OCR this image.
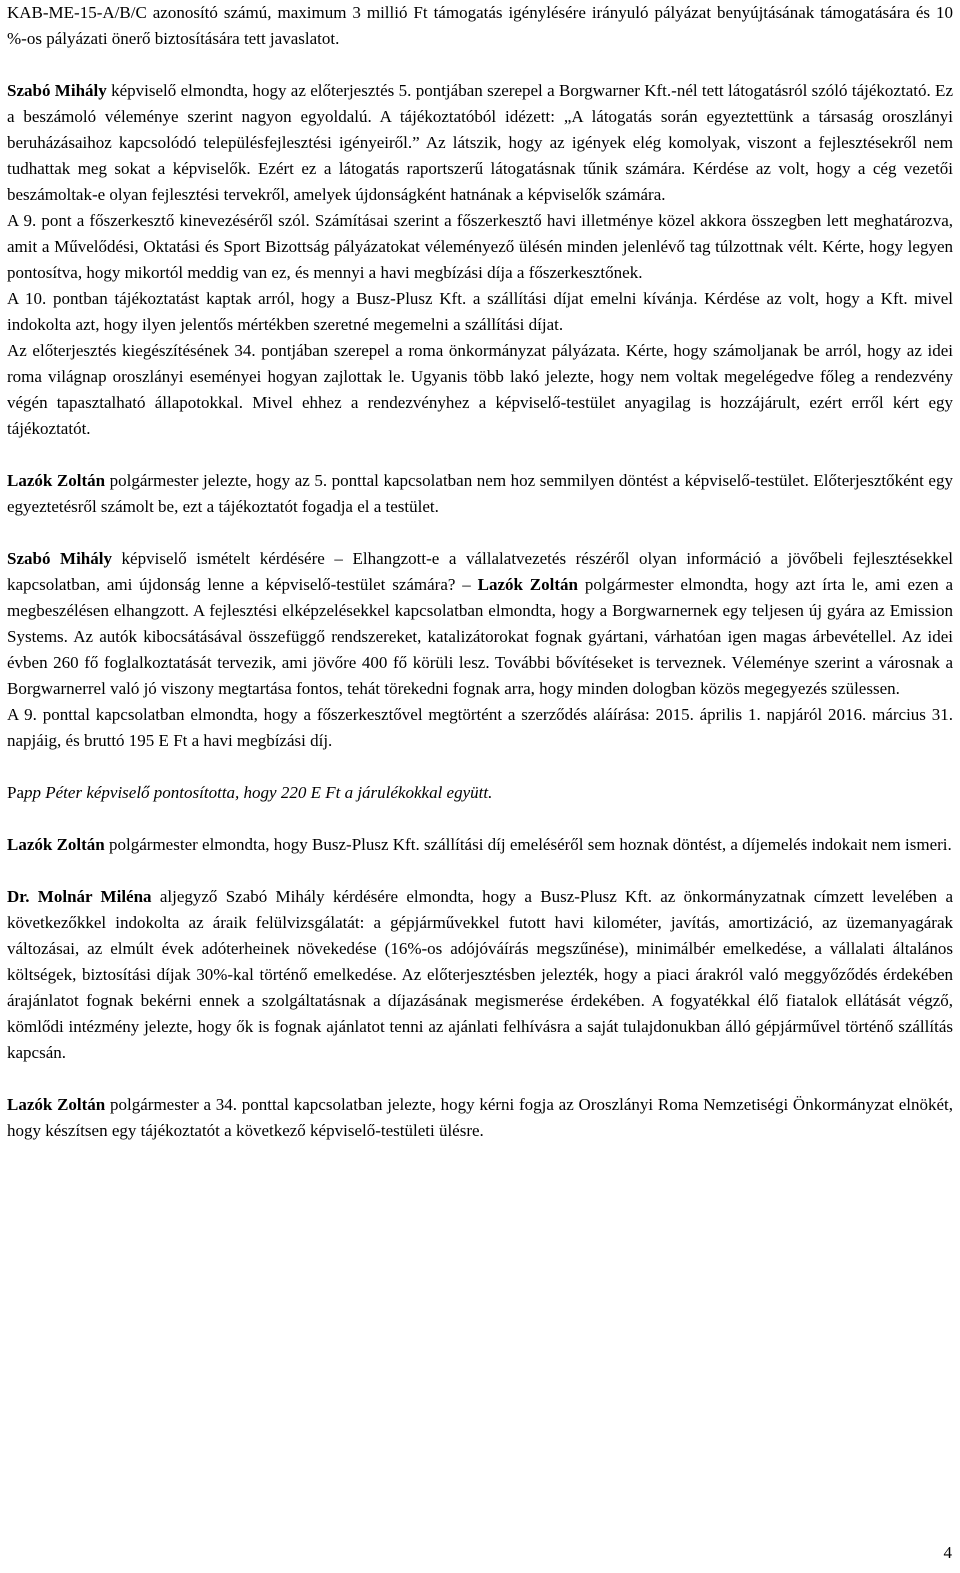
KAB-ME-15-A/B/C azonosító számú, maximum 3 millió Ft támogatás igénylésére irányuló pályázat benyújtásának támogatására és 10 %-os pályázati önerő biztosítására tett javaslatot.

Szabó Mihály képviselő elmondta, hogy az előterjesztés 5. pontjában szerepel a Borgwarner Kft.-nél tett látogatásról szóló tájékoztató. Ez a beszámoló véleménye szerint nagyon egyoldalú. A tájékoztatóból idézett: „A látogatás során egyeztettünk a társaság oroszlányi beruházásaihoz kapcsolódó településfejlesztési igényeiről.” Az látszik, hogy az igények elég komolyak, viszont a fejlesztésekről nem tudhattak meg sokat a képviselők. Ezért ez a látogatás raportszerű látogatásnak tűnik számára. Kérdése az volt, hogy a cég vezetői beszámoltak-e olyan fejlesztési tervekről, amelyek újdonságként hatnának a képviselők számára.

A 9. pont a főszerkesztő kinevezéséről szól. Számításai szerint a főszerkesztő havi illetménye közel akkora összegben lett meghatározva, amit a Művelődési, Oktatási és Sport Bizottság pályázatokat véleményező ülésén minden jelenlévő tag túlzottnak vélt. Kérte, hogy legyen pontosítva, hogy mikortól meddig van ez, és mennyi a havi megbízási díja a főszerkesztőnek.

A 10. pontban tájékoztatást kaptak arról, hogy a Busz-Plusz Kft. a szállítási díjat emelni kívánja. Kérdése az volt, hogy a Kft. mivel indokolta azt, hogy ilyen jelentős mértékben szeretné megemelni a szállítási díjat.

Az előterjesztés kiegészítésének 34. pontjában szerepel a roma önkormányzat pályázata. Kérte, hogy számoljanak be arról, hogy az idei roma világnap oroszlányi eseményei hogyan zajlottak le. Ugyanis több lakó jelezte, hogy nem voltak megelégedve főleg a rendezvény végén tapasztalható állapotokkal. Mivel ehhez a rendezvényhez a képviselő-testület anyagilag is hozzájárult, ezért erről kért egy tájékoztatót.

Lazók Zoltán polgármester jelezte, hogy az 5. ponttal kapcsolatban nem hoz semmilyen döntést a képviselő-testület. Előterjesztőként egy egyeztetésről számolt be, ezt a tájékoztatót fogadja el a testület.

Szabó Mihály képviselő ismételt kérdésére – Elhangzott-e a vállalatvezetés részéről olyan információ a jövőbeli fejlesztésekkel kapcsolatban, ami újdonság lenne a képviselő-testület számára? – Lazók Zoltán polgármester elmondta, hogy azt írta le, ami ezen a megbeszélésen elhangzott. A fejlesztési elképzelésekkel kapcsolatban elmondta, hogy a Borgwarnernek egy teljesen új gyára az Emission Systems. Az autók kibocsátásával összefüggő rendszereket, katalizátorokat fognak gyártani, várhatóan igen magas árbevétellel. Az idei évben 260 fő foglalkoztatását tervezik, ami jövőre 400 fő körüli lesz. További bővítéseket is terveznek. Véleménye szerint a városnak a Borgwarnerrel való jó viszony megtartása fontos, tehát törekedni fognak arra, hogy minden dologban közös megegyezés szülessen.

A 9. ponttal kapcsolatban elmondta, hogy a főszerkesztővel megtörtént a szerződés aláírása: 2015. április 1. napjáról 2016. március 31. napjáig, és bruttó 195 E Ft a havi megbízási díj.

Papp Péter képviselő pontosította, hogy 220 E Ft a járulékokkal együtt.

Lazók Zoltán polgármester elmondta, hogy Busz-Plusz Kft. szállítási díj emeléséről sem hoznak döntést, a díjemelés indokait nem ismeri.

Dr. Molnár Miléna aljegyző Szabó Mihály kérdésére elmondta, hogy a Busz-Plusz Kft. az önkormányzatnak címzett levelében a következőkkel indokolta az áraik felülvizsgálatát: a gépjárművekkel futott havi kilométer, javítás, amortizáció, az üzemanyagárak változásai, az elmúlt évek adóterheinek növekedése (16%-os adójóváírás megszűnése), minimálbér emelkedése, a vállalati általános költségek, biztosítási díjak 30%-kal történő emelkedése. Az előterjesztésben jelezték, hogy a piaci árakról való meggyőződés érdekében árajánlatot fognak bekérni ennek a szolgáltatásnak a díjazásának megismerése érdekében. A fogyatékkal élő fiatalok ellátását végző, kömlődi intézmény jelezte, hogy ők is fognak ajánlatot tenni az ajánlati felhívásra a saját tulajdonukban álló gépjárművel történő szállítás kapcsán.

Lazók Zoltán polgármester a 34. ponttal kapcsolatban jelezte, hogy kérni fogja az Oroszlányi Roma Nemzetiségi Önkormányzat elnökét, hogy készítsen egy tájékoztatót a következő képviselő-testületi ülésre.

4
